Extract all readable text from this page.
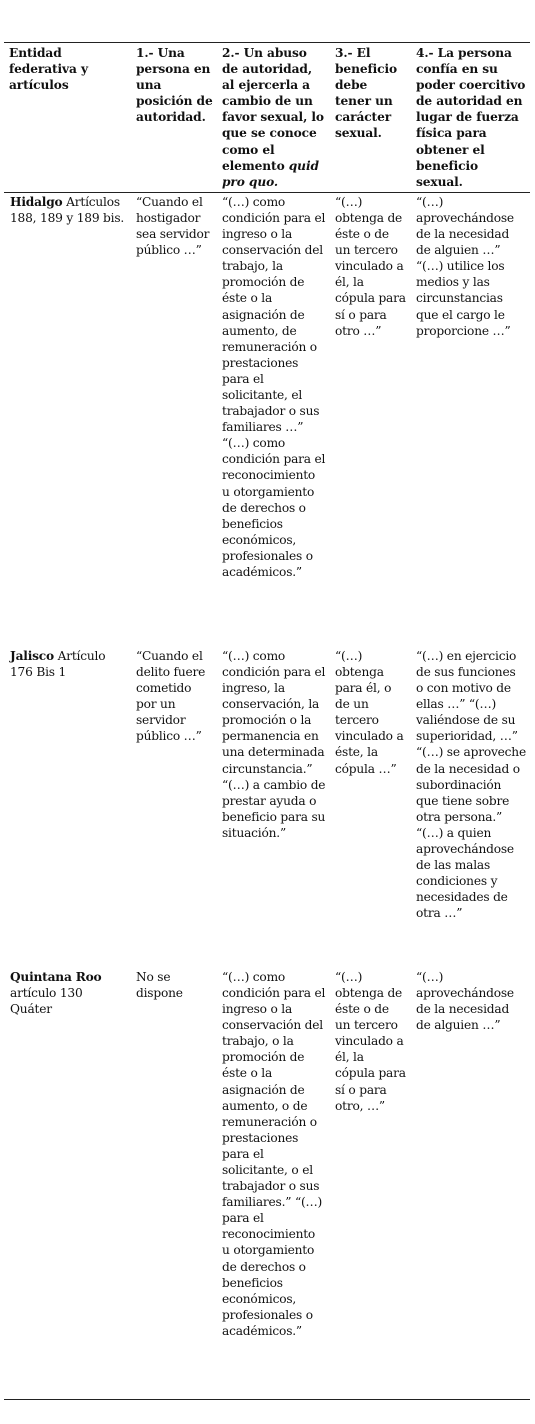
Entidad federativa y artículos	1.- Una persona en una posición de autoridad.	2.- Un abuso de autoridad, al ejercerla a cambio de un favor sexual, lo que se conoce como el elemento quid pro quo.	3.- El beneficio debe tener un carácter sexual.	4.- La persona confía en su poder coercitivo de autoridad en lugar de fuerza física para obtener el beneficio sexual.
Hidalgo Artículos 188, 189 y 189 bis.	“Cuando el hostigador sea servidor público …”	“(…) como condición para el ingreso o la conservación del trabajo, la promoción de éste o la asignación de aumento, de remuneración o prestaciones para el solicitante, el trabajador o sus familiares …” “(…) como condición para el reconocimiento u otorgamiento de derechos o beneficios económicos, profesionales o académicos.”	“(…) obtenga de éste o de un tercero vinculado a él, la cópula para sí o para otro …”	“(…) aprovechándose de la necesidad de alguien …” “(…) utilice los medios y las circunstancias que el cargo le proporcione …”
Jalisco Artículo 176 Bis 1	“Cuando el delito fuere cometido por un servidor público …”	“(…) como condición para el ingreso, la conservación, la promoción o la permanencia en una determinada circunstancia.” “(…) a cambio de prestar ayuda o beneficio para su situación.”	“(…) obtenga para él, o de un tercero vinculado a éste, la cópula …”	“(…) en ejercicio de sus funciones o con motivo de ellas …” “(…) valiéndose de su superioridad, …” “(…) se aproveche de la necesidad o subordinación que tiene sobre otra persona.” “(…) a quien aprovechándose de las malas condiciones y necesidades de otra …”
Quintana Roo artículo 130 Quáter	No se dispone	“(…) como condición para el ingreso o la conservación del trabajo, o la promoción de éste o la asignación de aumento, o de remuneración o prestaciones para el solicitante, o el trabajador o sus familiares.” “(…) para el reconocimiento u otorgamiento de derechos o beneficios económicos, profesionales o académicos.”	“(…) obtenga de éste o de un tercero vinculado a él, la cópula para sí o para otro, …”	“(…) aprovechándose de la necesidad de alguien …”
